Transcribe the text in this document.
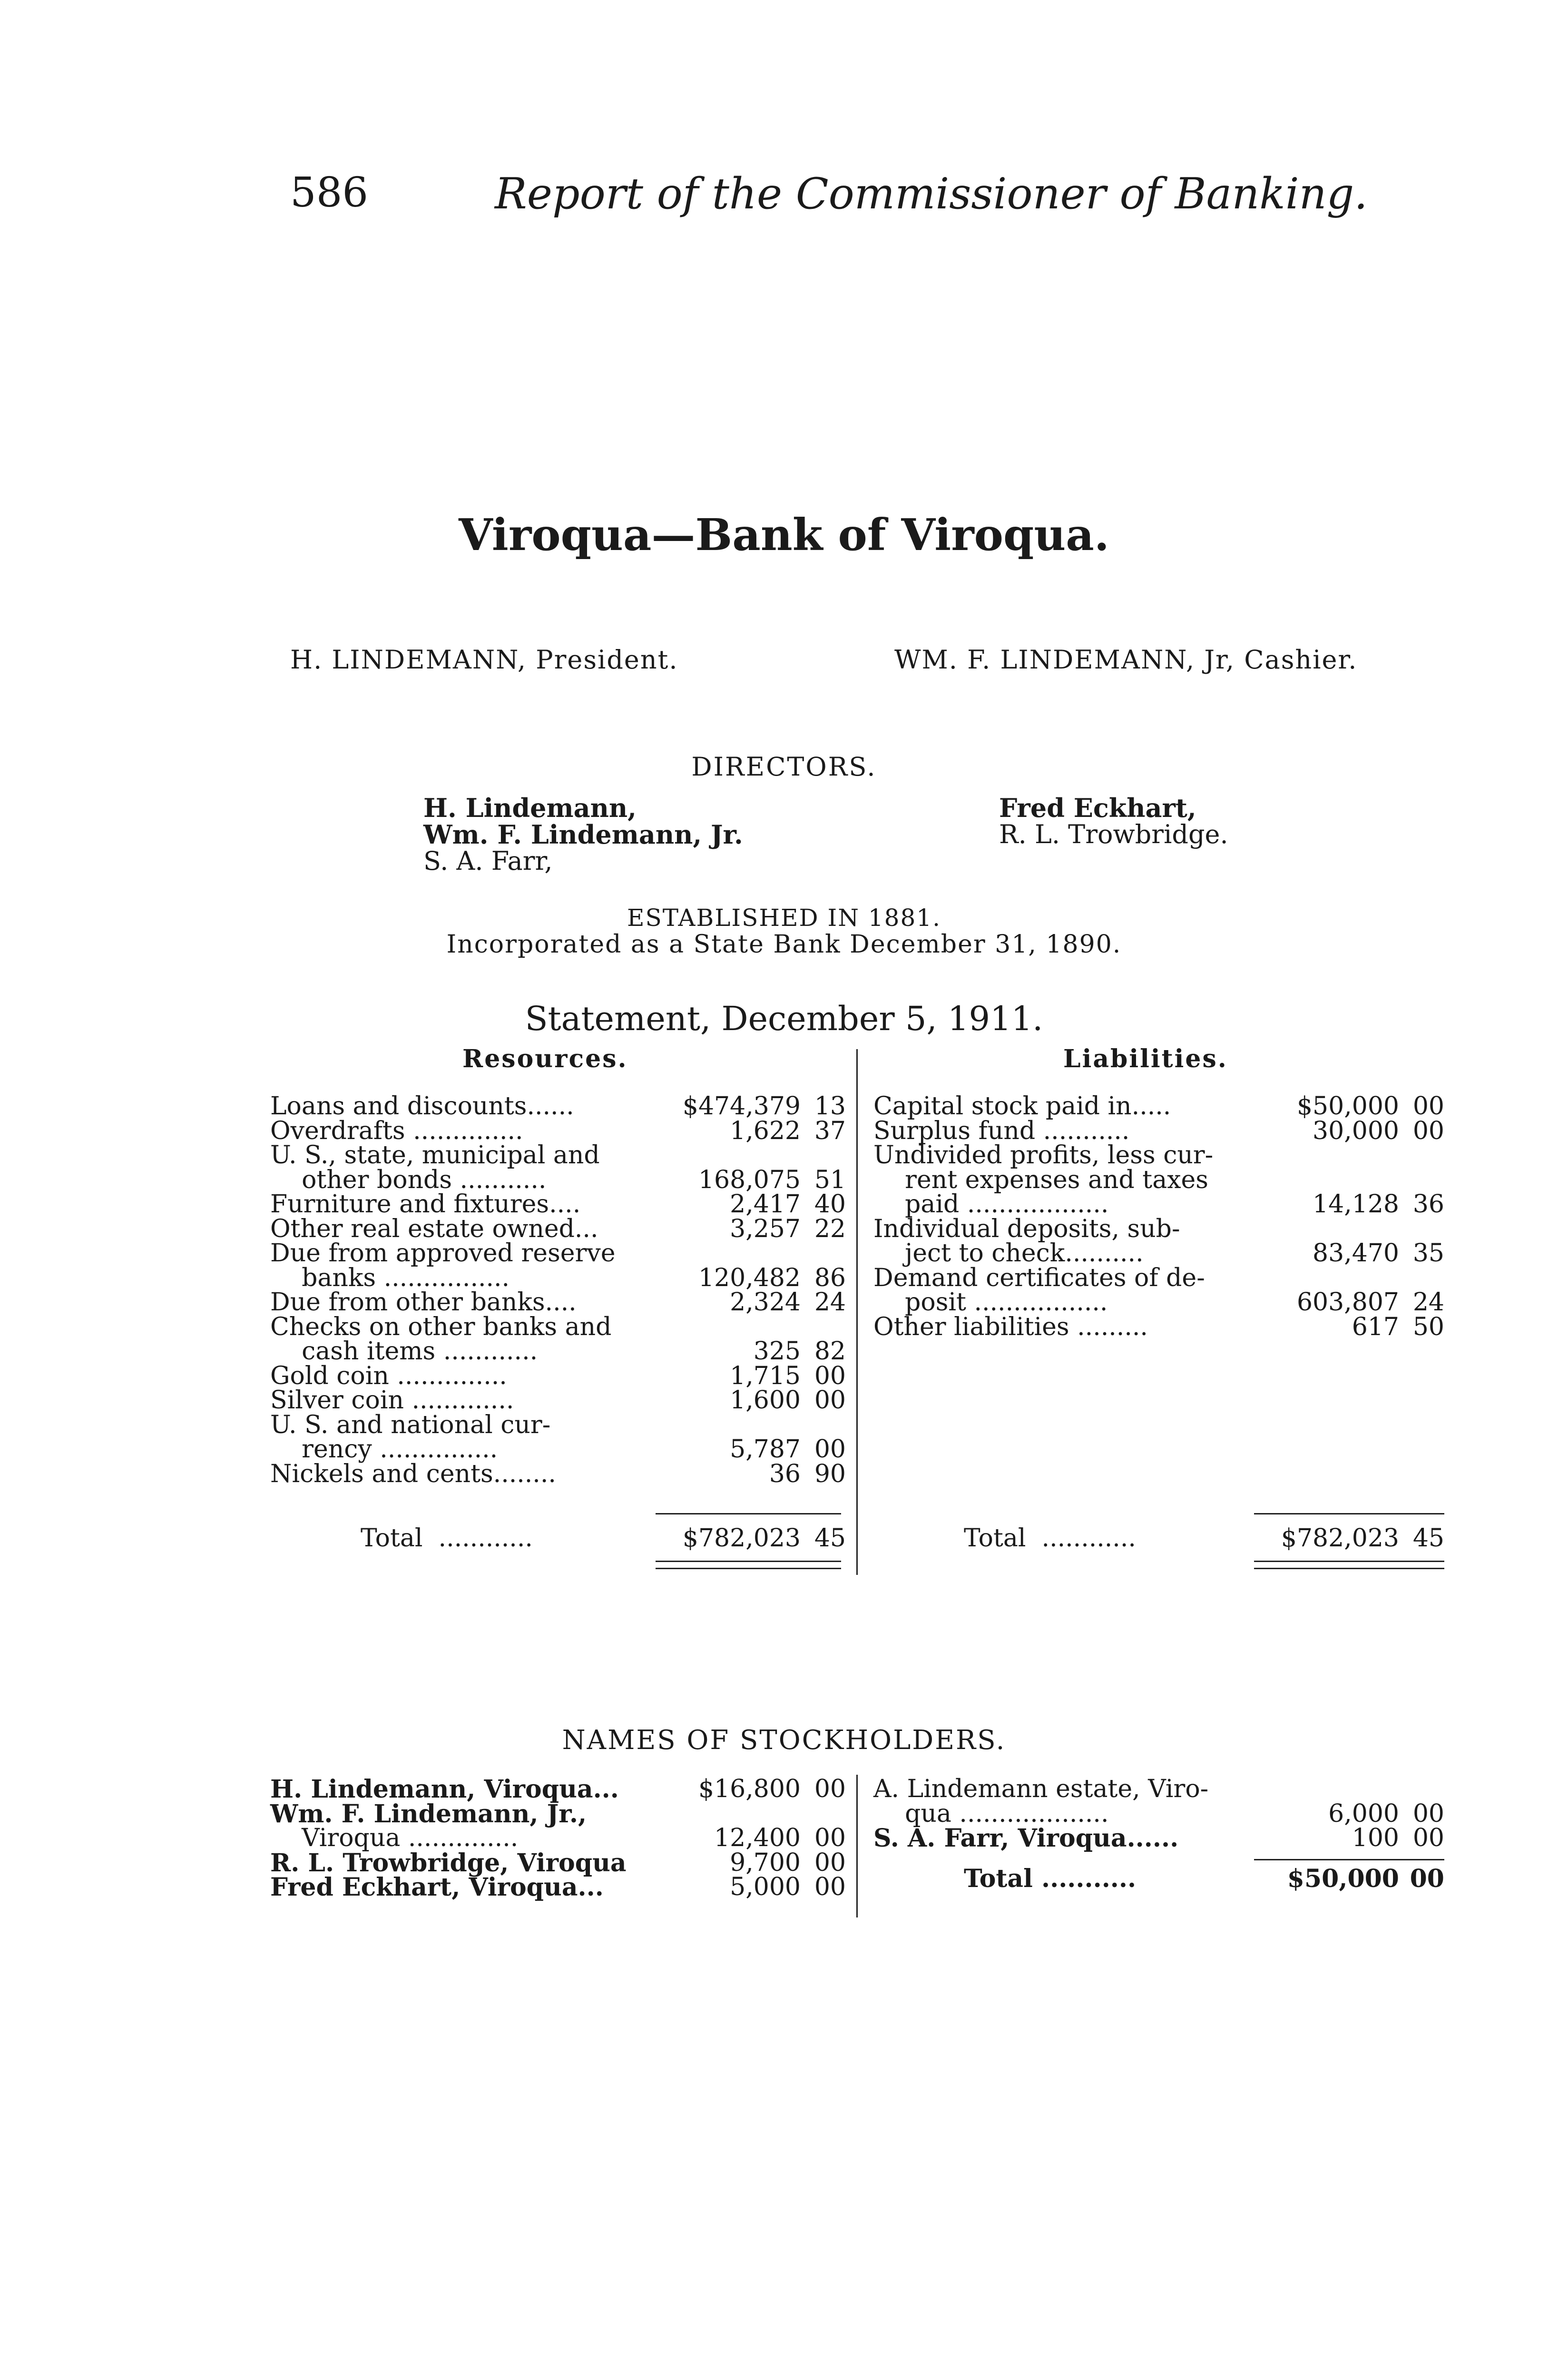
586	Report of the Commissioner of Banking.
Viroqua—Bank of Viroqua.
H. LINDEMANN, President.	WM. F. LINDEMANN, Jr, Cashier.
DIRECTORS.
H. Lindemann,
Wm. F. Lindemann, Jr.
S. A. Farr,
Fred Eckhart,
R. L. Trowbridge.
ESTABLISHED IN 1881.
Incorporated as a State Bank December 31, 1890.
Statement, December 5, 1911.
Resources.	Liabilities.
Loans and discounts......	$474,379 13
Overdrafts ..............	1,622 37
U. S., state, municipal and
other bonds ...........	168,075 51
Furniture and fixtures....	2,417 40
Other real estate owned...	3,257 22
Due from approved reserve
banks ................	120,482 86
Due from other banks....	2,324 24
Checks on other banks and
cash items ............	325 82
Gold coin ..............	1,715 00
Silver coin .............	1,600 00
U. S. and national cur-
rency ...............	5,787 00
Nickels and cents........	36 90
Total  ............	$782,023 45
Capital stock paid in.....	$50,000 00
Surplus fund ...........	30,000 00
Undivided profits, less cur-
rent expenses and taxes
paid ..................	14,128 36
Individual deposits, sub-
ject to check..........	83,470 35
Demand certificates of de-
posit .................	603,807 24
Other liabilities .........	617 50
Total  ............	$782,023 45
NAMES OF STOCKHOLDERS.
H. Lindemann, Viroqua...	$16,800 00
Wm. F. Lindemann, Jr.,
Viroqua ..............	12,400 00
R. L. Trowbridge, Viroqua	9,700 00
Fred Eckhart, Viroqua...	5,000 00
A. Lindemann estate, Viro-
qua ...................	6,000 00
S. A. Farr, Viroqua......	100 00
Total ...........	$50,000 00
